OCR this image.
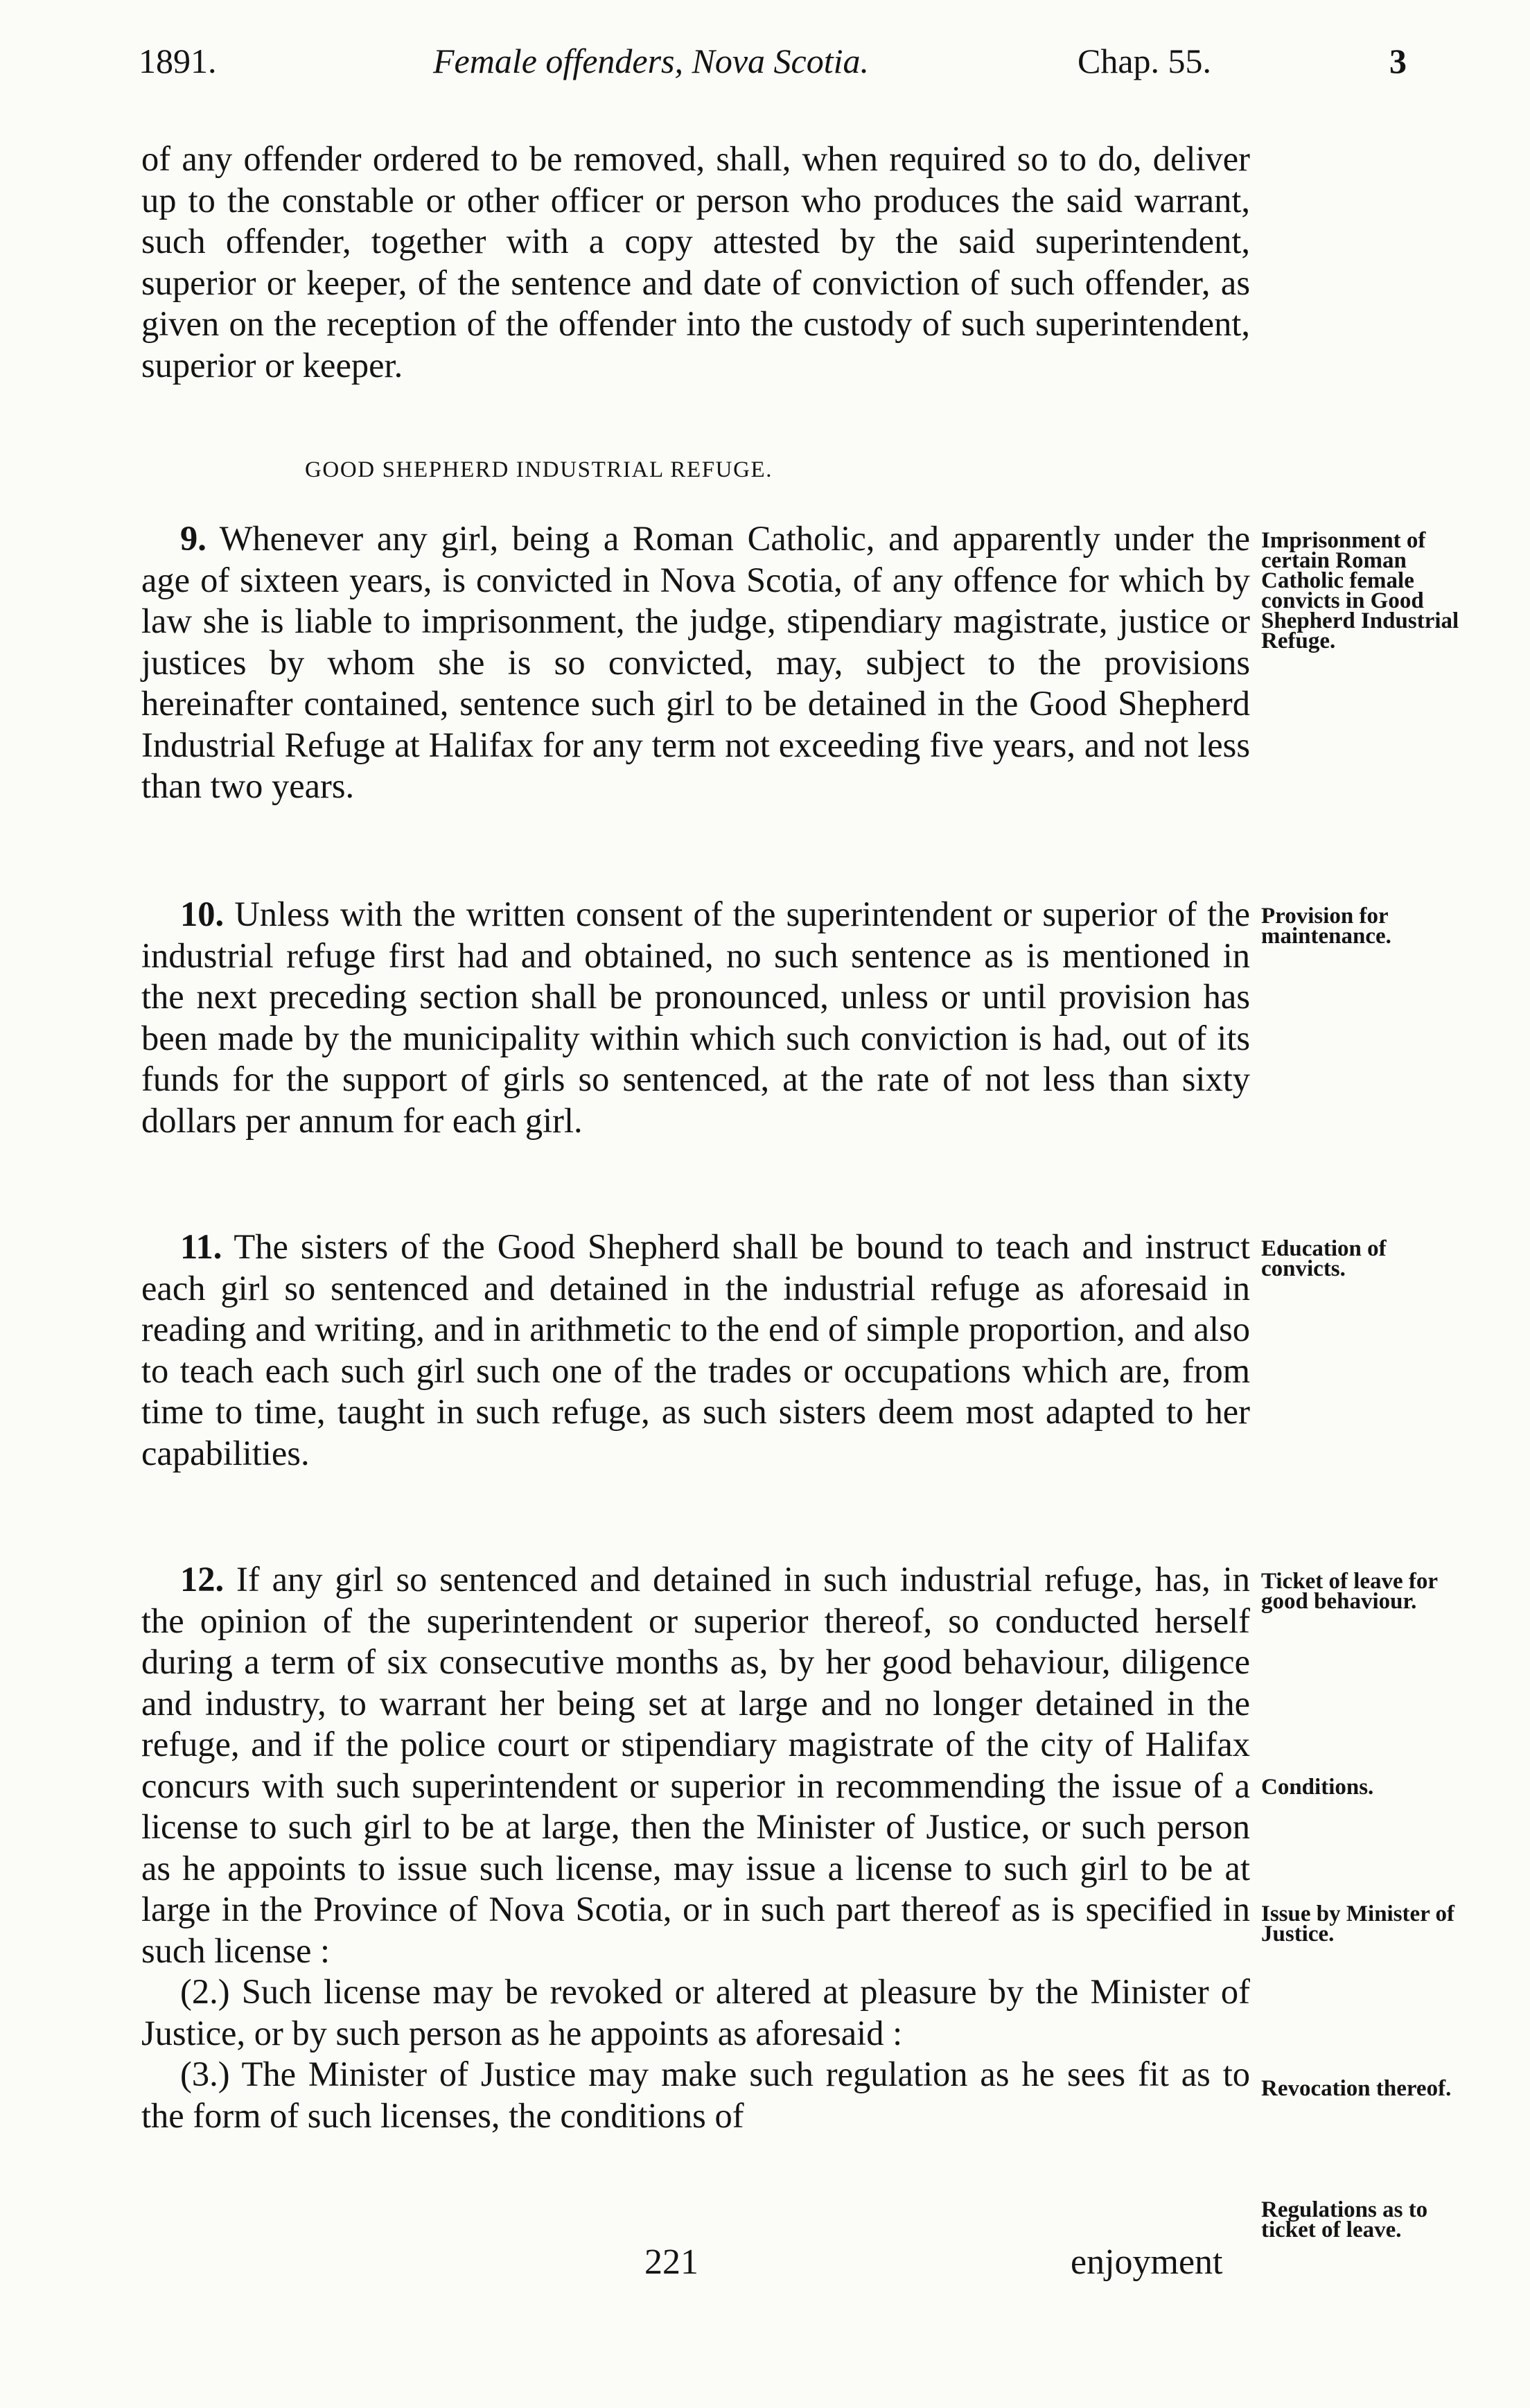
1891.	Female offenders, Nova Scotia.	Chap. 55.	3

of any offender ordered to be removed, shall, when required so to do, deliver up to the constable or other officer or person who produces the said warrant, such offender, together with a copy attested by the said superintendent, superior or keeper, of the sentence and date of conviction of such offender, as given on the reception of the offender into the custody of such superintendent, superior or keeper.

GOOD SHEPHERD INDUSTRIAL REFUGE.

9. Whenever any girl, being a Roman Catholic, and apparently under the age of sixteen years, is convicted in Nova Scotia, of any offence for which by law she is liable to imprisonment, the judge, stipendiary magistrate, justice or justices by whom she is so convicted, may, subject to the provisions hereinafter contained, sentence such girl to be detained in the Good Shepherd Industrial Refuge at Halifax for any term not exceeding five years, and not less than two years.

10. Unless with the written consent of the superintendent or superior of the industrial refuge first had and obtained, no such sentence as is mentioned in the next preceding section shall be pronounced, unless or until provision has been made by the municipality within which such conviction is had, out of its funds for the support of girls so sentenced, at the rate of not less than sixty dollars per annum for each girl.

11. The sisters of the Good Shepherd shall be bound to teach and instruct each girl so sentenced and detained in the industrial refuge as aforesaid in reading and writing, and in arithmetic to the end of simple proportion, and also to teach each such girl such one of the trades or occupations which are, from time to time, taught in such refuge, as such sisters deem most adapted to her capabilities.

12. If any girl so sentenced and detained in such industrial refuge, has, in the opinion of the superintendent or superior thereof, so conducted herself during a term of six consecutive months as, by her good behaviour, diligence and industry, to warrant her being set at large and no longer detained in the refuge, and if the police court or stipendiary magistrate of the city of Halifax concurs with such superintendent or superior in recommending the issue of a license to such girl to be at large, then the Minister of Justice, or such person as he appoints to issue such license, may issue a license to such girl to be at large in the Province of Nova Scotia, or in such part thereof as is specified in such license :

(2.) Such license may be revoked or altered at pleasure by the Minister of Justice, or by such person as he appoints as aforesaid :

(3.) The Minister of Justice may make such regulation as he sees fit as to the form of such licenses, the conditions of

Imprisonment of certain Roman Catholic female convicts in Good Shepherd Industrial Refuge.
Provision for maintenance.
Education of convicts.
Ticket of leave for good behaviour.
Conditions.
Issue by Minister of Justice.
Revocation thereof.
Regulations as to ticket of leave.
221	enjoyment
